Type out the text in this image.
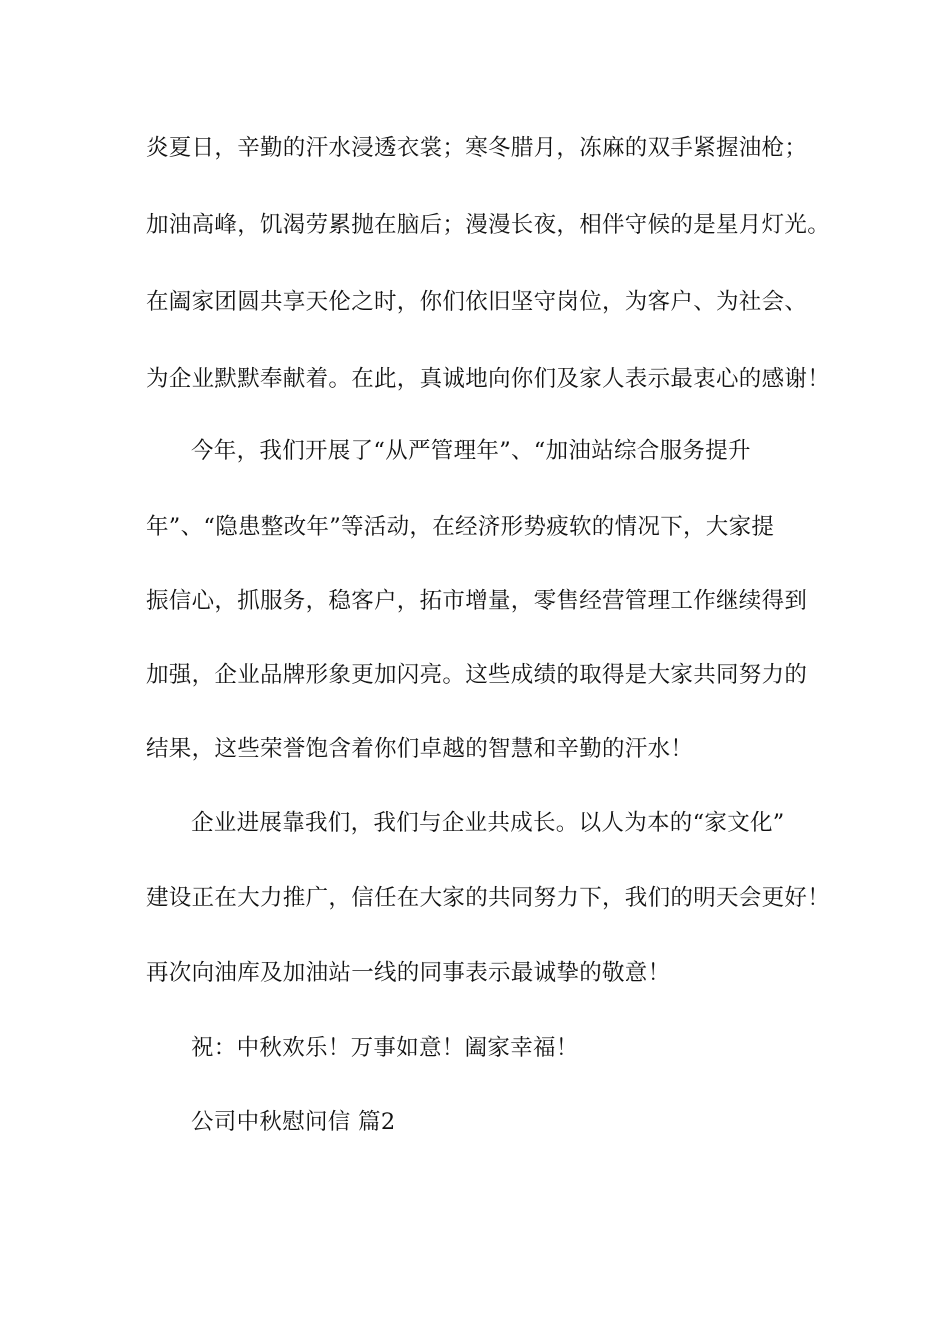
炎夏日，辛勤的汗水浸透衣裳；寒冬腊月，冻麻的双手紧握油枪；
加油高峰，饥渴劳累抛在脑后；漫漫长夜，相伴守候的是星月灯光。
在阖家团圆共享天伦之时，你们依旧坚守岗位，为客户、为社会、
为企业默默奉献着。在此，真诚地向你们及家人表示最衷心的感谢！
今年，我们开展了“从严管理年”、“加油站综合服务提升
年”、“隐患整改年”等活动，在经济形势疲软的情况下，大家提
振信心，抓服务，稳客户，拓市增量，零售经营管理工作继续得到
加强，企业品牌形象更加闪亮。这些成绩的取得是大家共同努力的
结果，这些荣誉饱含着你们卓越的智慧和辛勤的汗水！
企业进展靠我们，我们与企业共成长。以人为本的“家文化”
建设正在大力推广，信任在大家的共同努力下，我们的明天会更好！
再次向油库及加油站一线的同事表示最诚挚的敬意！
祝：中秋欢乐！万事如意！阖家幸福！
公司中秋慰问信 篇2
